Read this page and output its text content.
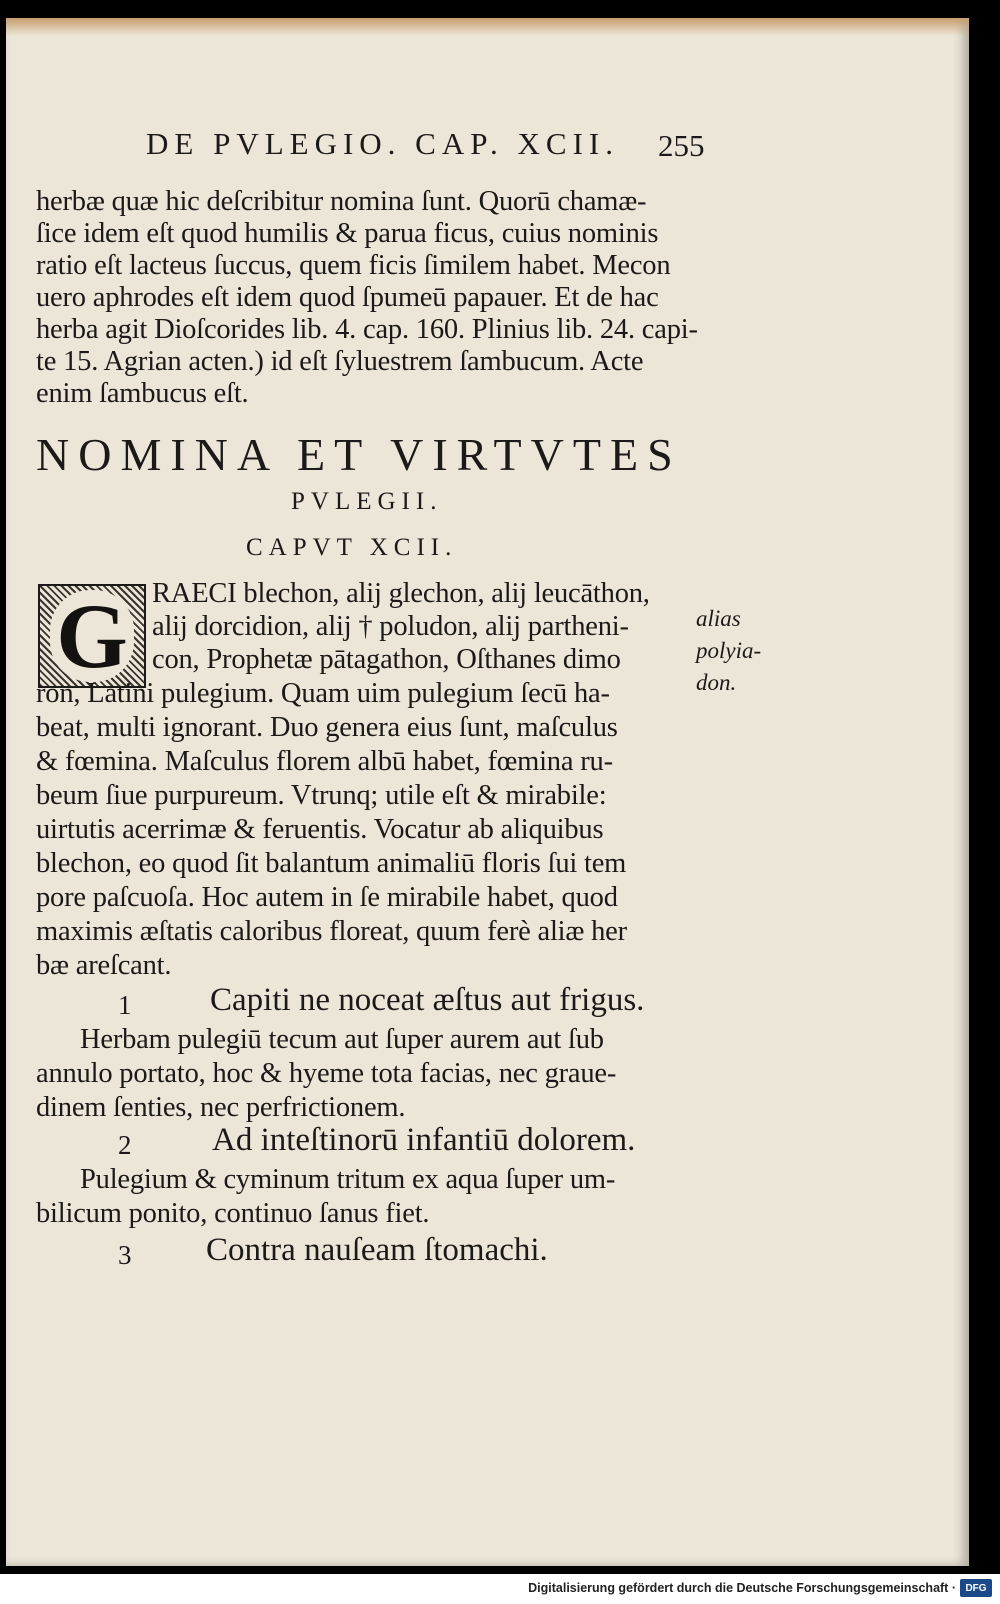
DE PVLEGIO. CAP. XCII. 255
herbæ quæ hic deſcribitur nomina ſunt. Quorū chamæ-
ſice idem eſt quod humilis & parua ficus, cuius nominis
ratio eſt lacteus ſuccus, quem ficis ſimilem habet. Mecon
uero aphrodes eſt idem quod ſpumeū papauer. Et de hac
herba agit Dioſcorides lib. 4. cap. 160. Plinius lib. 24. capi-
te 15. Agrian acten.) id eſt ſyluestrem ſambucum. Acte
enim ſambucus eſt.
NOMINA ET VIRTVTES
PVLEGII.
CAPVT XCII.
G RAECI blechon, alij glechon, alij leucāthon,
alij dorcidion, alij † poludon, alij partheni-
con, Prophetæ pātagathon, Oſthanes dimo
alias
polyia-
don.
ron, Latini pulegium. Quam uim pulegium ſecū ha-
beat, multi ignorant. Duo genera eius ſunt, maſculus
& fœmina. Maſculus florem albū habet, fœmina ru-
beum ſiue purpureum. Vtrunq; utile eſt & mirabile:
uirtutis acerrimæ & feruentis. Vocatur ab aliquibus
blechon, eo quod ſit balantum animaliū floris ſui tem
pore paſcuoſa. Hoc autem in ſe mirabile habet, quod
maximis æſtatis caloribus floreat, quum ferè aliæ her
bæ areſcant.
1 Capiti ne noceat æſtus aut frigus.
Herbam pulegiū tecum aut ſuper aurem aut ſub
annulo portato, hoc & hyeme tota facias, nec graue-
dinem ſenties, nec perfrictionem.
2 Ad inteſtinorū infantiū dolorem.
Pulegium & cyminum tritum ex aqua ſuper um-
bilicum ponito, continuo ſanus fiet.
3 Contra nauſeam ſtomachi.
Digitalisierung gefördert durch die Deutsche Forschungsgemeinschaft · DFG
